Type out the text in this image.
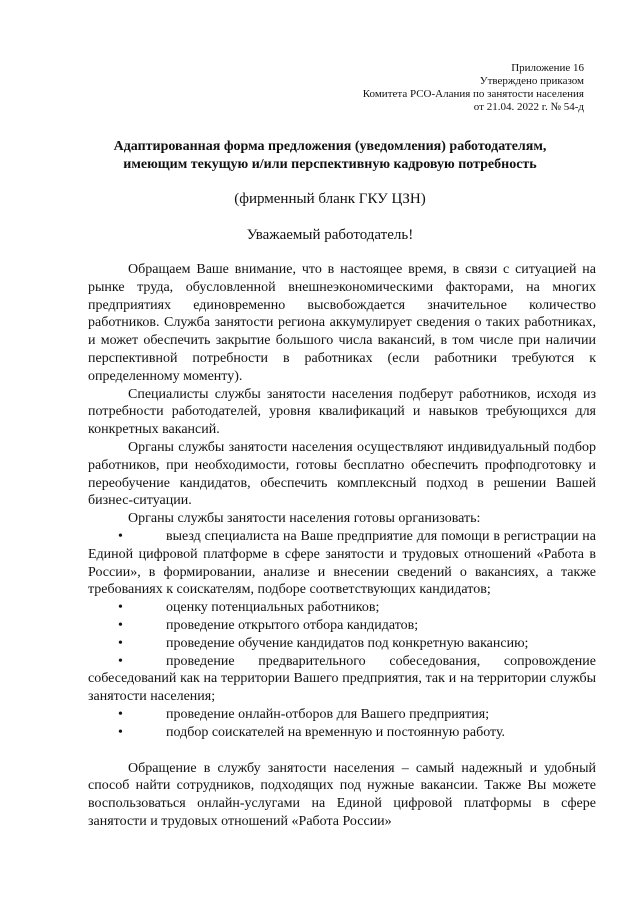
Приложение 16
Утверждено приказом
Комитета РСО-Алания по занятости населения
от 21.04. 2022 г. № 54-д
Адаптированная форма предложения (уведомления) работодателям,
имеющим текущую и/или перспективную кадровую потребность
(фирменный бланк ГКУ ЦЗН)
Уважаемый работодатель!

Обращаем Ваше внимание, что в настоящее время, в связи с ситуацией на рынке труда, обусловленной внешнеэкономическими факторами, на многих предприятиях единовременно высвобождается значительное количество работников. Служба занятости региона аккумулирует сведения о таких работниках, и может обеспечить закрытие большого числа вакансий, в том числе при наличии перспективной потребности в работниках (если работники требуются к определенному моменту).

Специалисты службы занятости населения подберут работников, исходя из потребности работодателей, уровня квалификаций и навыков требующихся для конкретных вакансий.

Органы службы занятости населения осуществляют индивидуальный подбор работников, при необходимости, готовы бесплатно обеспечить профподготовку и переобучение кандидатов, обеспечить комплексный подход в решении Вашей бизнес-ситуации.

Органы службы занятости населения готовы организовать:

•	выезд специалиста на Ваше предприятие для помощи в регистрации на Единой цифровой платформе в сфере занятости и трудовых отношений «Работа в России», в формировании, анализе и внесении сведений о вакансиях, а также требованиях к соискателям, подборе соответствующих кандидатов;

•	оценку потенциальных работников;

•	проведение открытого отбора кандидатов;

•	проведение обучение кандидатов под конкретную вакансию;

•	проведение предварительного собеседования, сопровождение собеседований как на территории Вашего предприятия, так и на территории службы занятости населения;

•	проведение онлайн-отборов для Вашего предприятия;

•	подбор соискателей на временную и постоянную работу.

Обращение в службу занятости населения – самый надежный и удобный способ найти сотрудников, подходящих под нужные вакансии. Также Вы можете воспользоваться онлайн-услугами на Единой цифровой платформы в сфере занятости и трудовых отношений «Работа России»
